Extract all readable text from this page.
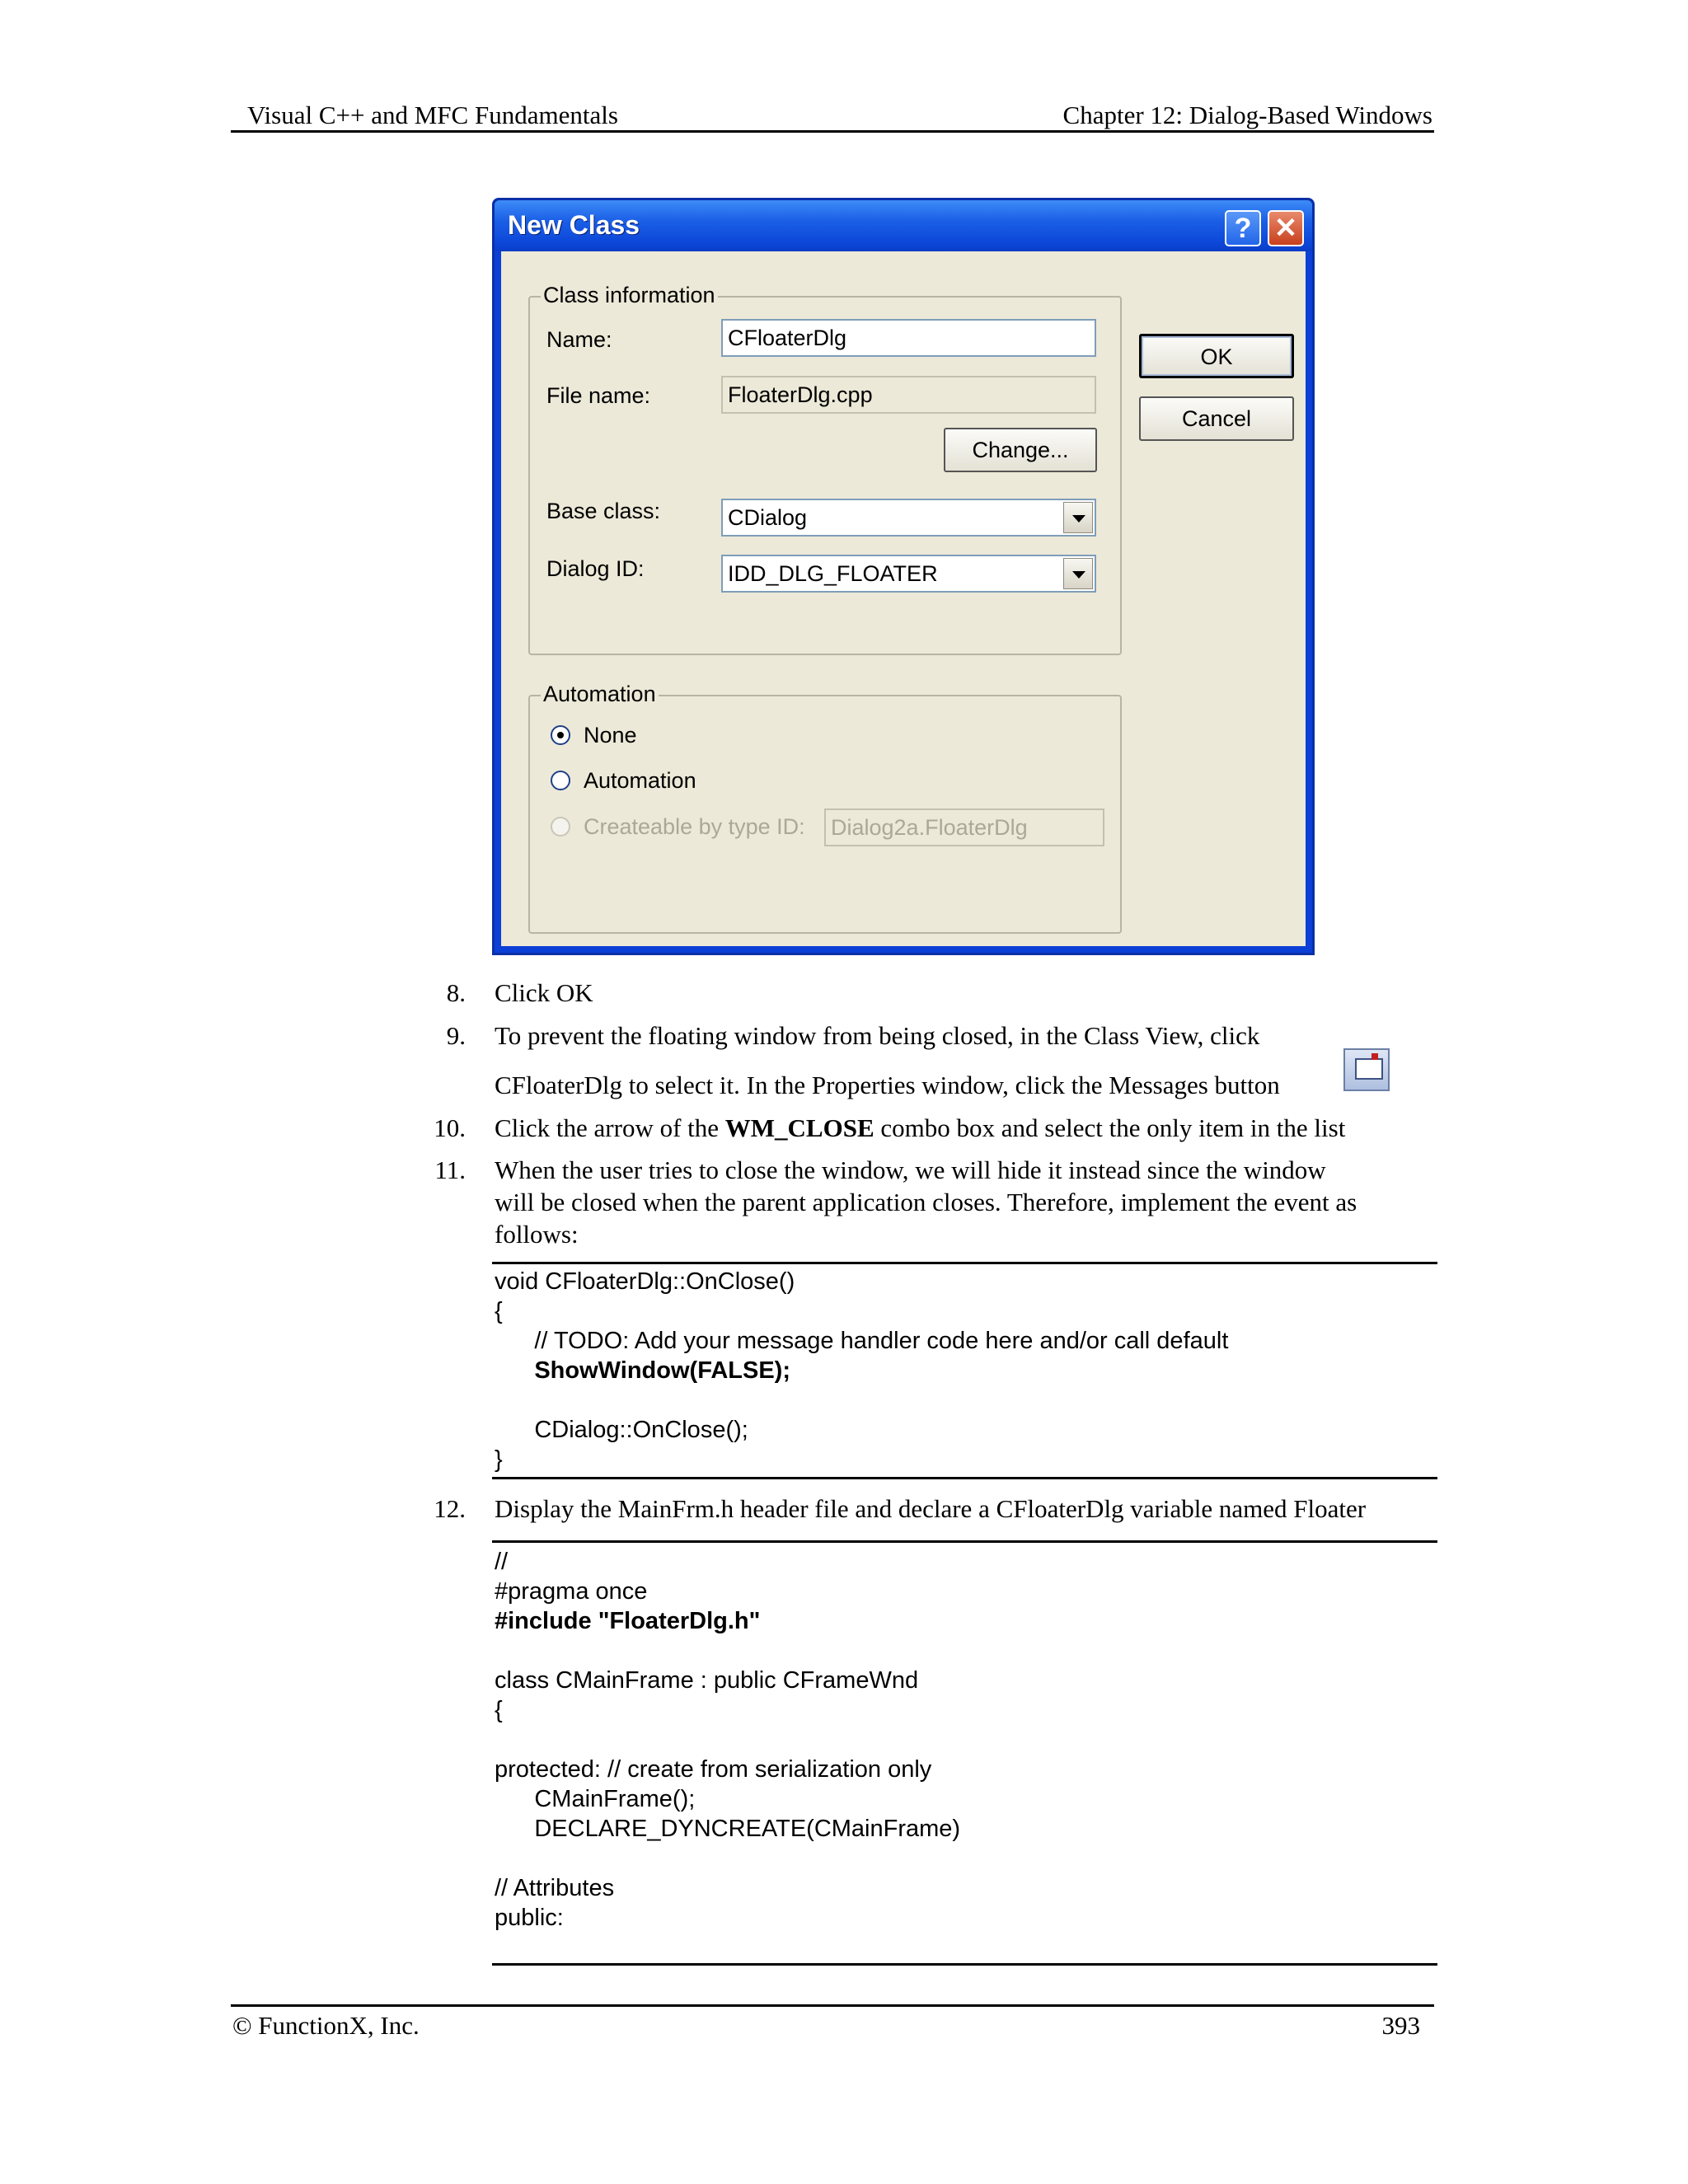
Visual C++ and MFC Fundamentals	Chapter 12: Dialog-Based Windows
New Class	? ✕
Class information
Name:	CFloaterDlg
File name:	FloaterDlg.cpp
Change...
Base class:	CDialog
Dialog ID:	IDD_DLG_FLOATER
OK
Cancel
Automation
None
Automation
Createable by type ID: Dialog2a.FloaterDlg
8. Click OK
9. To prevent the floating window from being closed, in the Class View, click
CFloaterDlg to select it. In the Properties window, click the Messages button
10. Click the arrow of the WM_CLOSE combo box and select the only item in the list
11. When the user tries to close the window, we will hide it instead since the window
will be closed when the parent application closes. Therefore, implement the event as
follows:
void CFloaterDlg::OnClose()
{
// TODO: Add your message handler code here and/or call default
ShowWindow(FALSE);
CDialog::OnClose();
}
12. Display the MainFrm.h header file and declare a CFloaterDlg variable named Floater
//
#pragma once
#include "FloaterDlg.h"
class CMainFrame : public CFrameWnd
{
protected: // create from serialization only
CMainFrame();
DECLARE_DYNCREATE(CMainFrame)
// Attributes
public:
© FunctionX, Inc.	393
